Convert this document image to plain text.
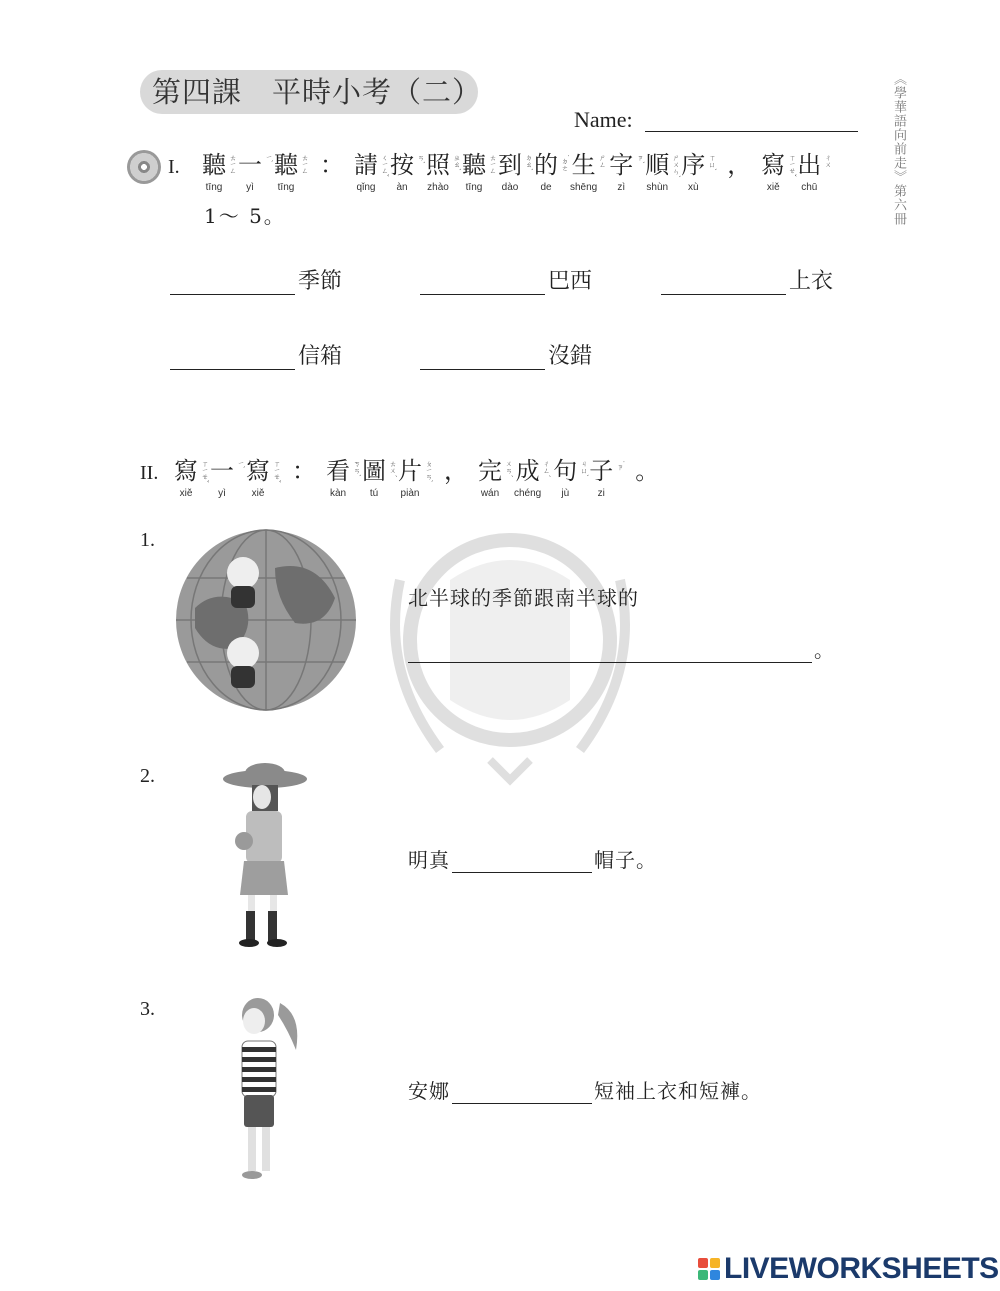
第四課　平時小考（二）
Name:	《學華語向前走》第六冊
I. 聽 ㄊㄧㄥ
tīng
一 ㄧˋ
yì
聽 ㄊㄧㄥ
tīng
： 請 ㄑㄧㄥˇ
qǐng
按 ㄢˋ
àn
照 ㄓㄠˋ
zhào
聽 ㄊㄧㄥ
tīng
到 ㄉㄠˋ
dào
的 ˙ㄉㄜ
de
生 ㄕㄥ
shēng
字 ㄗˋ
zì
順 ㄕㄨㄣˋ
shùn
序 ㄒㄩˋ
xù
， 寫 ㄒㄧㄝˇ
xiě
出 ㄔㄨ
chū
1～ 5。
季節	巴西	上衣
信箱	沒錯
II. 寫 ㄒㄧㄝˇ
xiě
一 ㄧˋ
yì
寫 ㄒㄧㄝˇ
xiě
： 看 ㄎㄢˋ
kàn
圖 ㄊㄨˊ
tú
片 ㄆㄧㄢˋ
piàn
， 完 ㄨㄢˊ
wán
成 ㄔㄥˊ
chéng
句 ㄐㄩˋ
jù
子 ˙ㄗ
zi
。
1.
北半球的季節跟南半球的
。
2.
明真	帽子。
3.
安娜	短袖上衣和短褲。
LIVEWORKSHEETS
